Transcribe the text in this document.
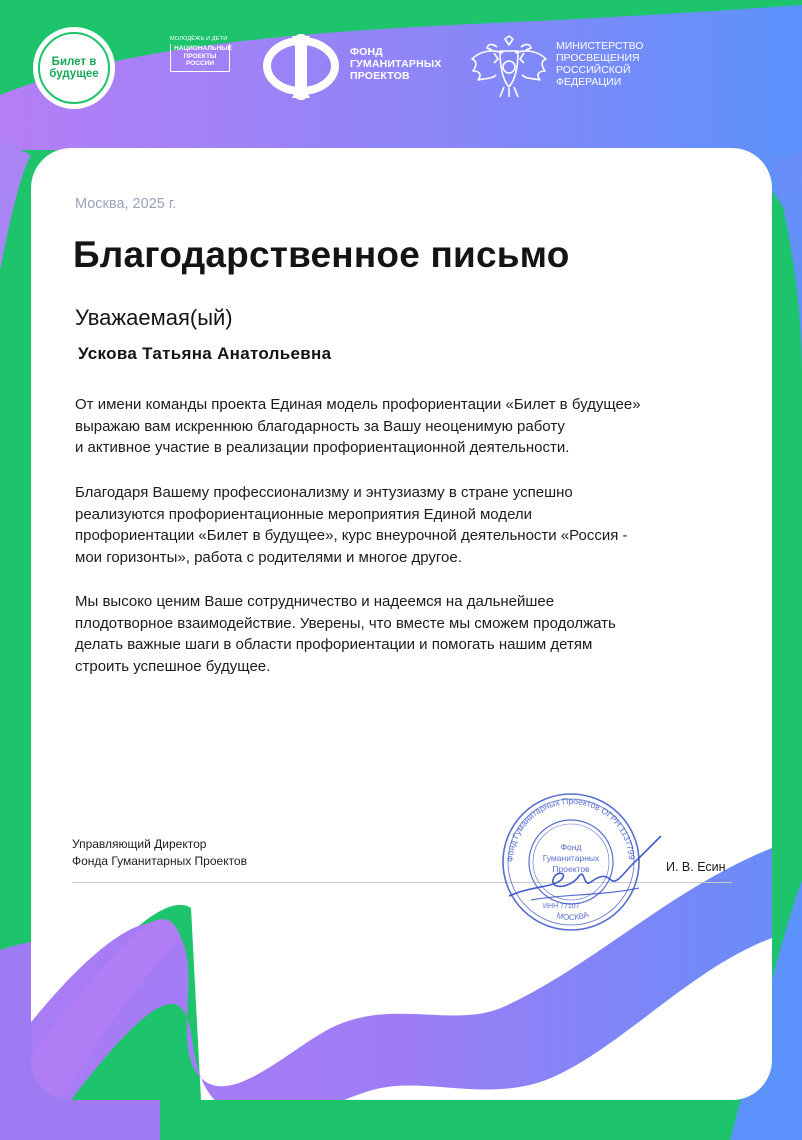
Билет в
будущее
МОЛОДЁЖЬ И ДЕТИ
НАЦИОНАЛЬНЫЕ
ПРОЕКТЫ
РОССИИ
ФОНД
ГУМАНИТАРНЫХ
ПРОЕКТОВ
МИНИСТЕРСТВО
ПРОСВЕЩЕНИЯ
РОССИЙСКОЙ
ФЕДЕРАЦИИ
Москва, 2025 г.
Благодарственное письмо
Уважаемая(ый)
Ускова Татьяна Анатольевна

От имени команды проекта Единая модель профориентации «Билет в будущее»
выражаю вам искреннюю благодарность за Вашу неоценимую работу
и активное участие в реализации профориентационной деятельности.

Благодаря Вашему профессионализму и энтузиазму в стране успешно
реализуются профориентационные мероприятия Единой модели
профориентации «Билет в будущее», курс внеурочной деятельности «Россия -
мои горизонты», работа с родителями и многое другое.

Мы высоко ценим Ваше сотрудничество и надеемся на дальнейшее
плодотворное взаимодействие. Уверены, что вместе мы сможем продолжать
делать важные шаги в области профориентации и помогать нашим детям
строить успешное будущее.

Управляющий Директор
Фонда Гуманитарных Проектов	И. В. Есин
Фонд Гуманитарных Проектов ОГРН 1137799
МОСКВА
Фонд
Гуманитарных
Проектов
ИНН 77107
